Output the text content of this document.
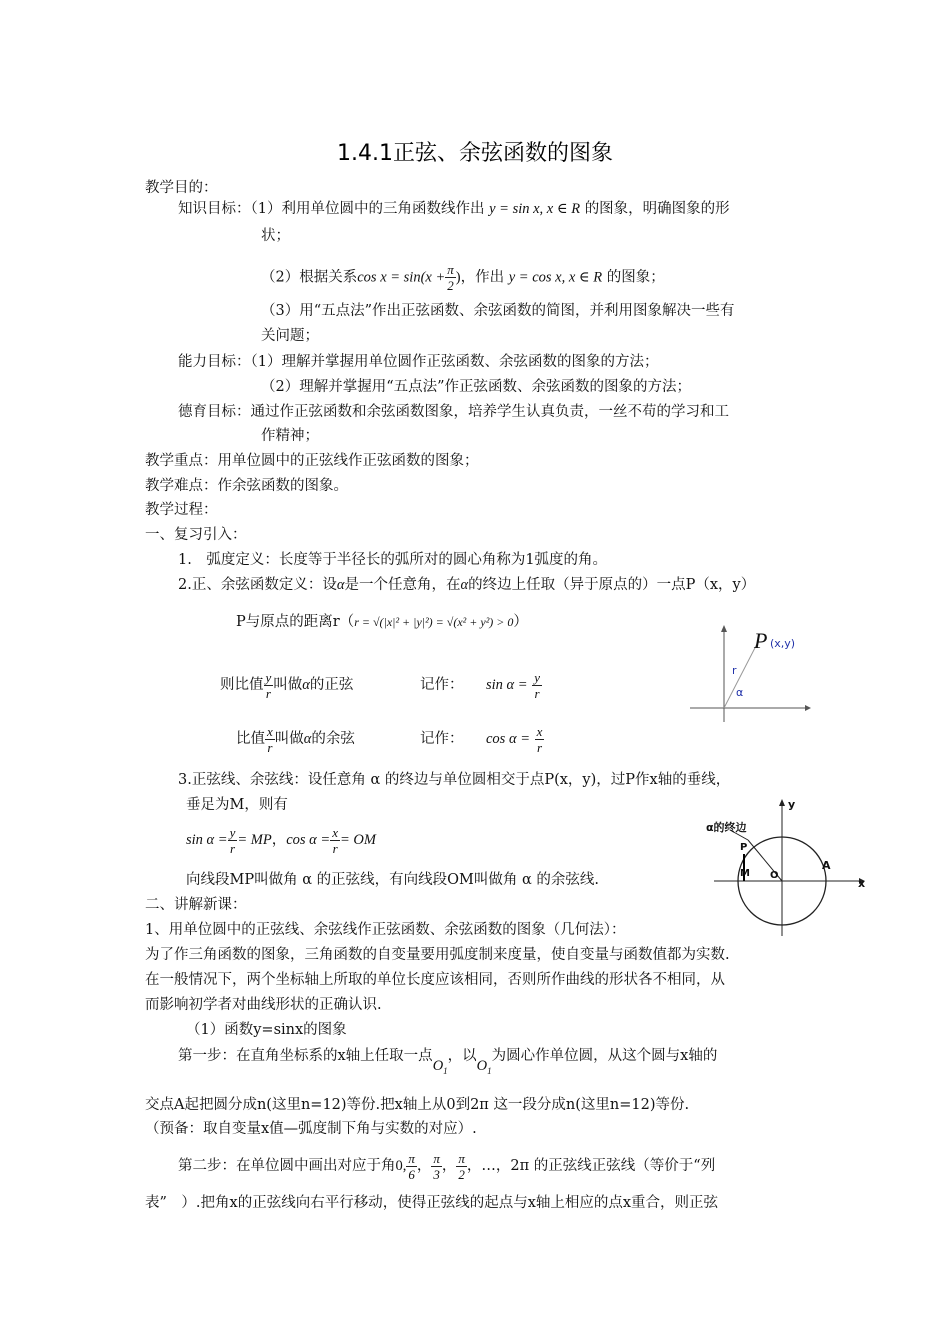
1.4.1正弦、余弦函数的图象
教学目的：
知识目标：（1）利用单位圆中的三角函数线作出 y = sin x, x ∈ R 的图象，明确图象的形
状；
（2）根据关系$\cos x = \sin(x + \frac{\pi}{2}$ )，作出 y = cos x, x ∈ R 的图象；
（3）用“五点法”作出正弦函数、余弦函数的简图，并利用图象解决一些有
关问题；
能力目标：（1）理解并掌握用单位圆作正弦函数、余弦函数的图象的方法；
（2）理解并掌握用“五点法”作正弦函数、余弦函数的图象的方法；
德育目标：通过作正弦函数和余弦函数图象，培养学生认真负责，一丝不苟的学习和工
作精神；
教学重点：用单位圆中的正弦线作正弦函数的图象；
教学难点：作余弦函数的图象。
教学过程：
一、复习引入：
1.　弧度定义：长度等于半径长的弧所对的圆心角称为1弧度的角。
2.正、余弦函数定义：设α是一个任意角，在α的终边上任取（异于原点的）一点P（x，y）
P与原点的距离r（r = √(|x|² + |y|²) = √(x² + y²) > 0）
则比值 $\frac{y}{r}$ 叫做α的正弦	记作： $\sin \alpha = \frac{y}{r}$
比值 $\frac{x}{r}$ 叫做α的余弦	记作： $\cos \alpha = \frac{x}{r}$
3.正弦线、余弦线：设任意角 α 的终边与单位圆相交于点P(x，y)，过P作x轴的垂线，
垂足为M，则有
$\sin \alpha = \frac{y}{r}$ = MP，$\cos \alpha = \frac{x}{r}$ = OM
向线段MP叫做角 α 的正弦线，有向线段OM叫做角 α 的余弦线.
P (x,y)
r
α
α的终边
y
x
P
M O
A
二、讲解新课：
1、用单位圆中的正弦线、余弦线作正弦函数、余弦函数的图象（几何法）：
为了作三角函数的图象，三角函数的自变量要用弧度制来度量，使自变量与函数值都为实数.
在一般情况下，两个坐标轴上所取的单位长度应该相同，否则所作曲线的形状各不相同，从
而影响初学者对曲线形状的正确认识.
（1）函数y=sinx的图象
第一步：在直角坐标系的x轴上任取一点$O_1$，以$O_1$为圆心作单位圆，从这个圆与x轴的
交点A起把圆分成n(这里n=12)等份.把x轴上从0到2π 这一段分成n(这里n=12)等份.
（预备：取自变量x值—弧度制下角与实数的对应）.
第二步：在单位圆中画出对应于角0, $\frac{\pi}{6}$ ， $\frac{\pi}{3}$ ， $\frac{\pi}{2}$ ，…，2π 的正弦线正弦线（等价于“列
表”　）.把角x的正弦线向右平行移动，使得正弦线的起点与x轴上相应的点x重合，则正弦
